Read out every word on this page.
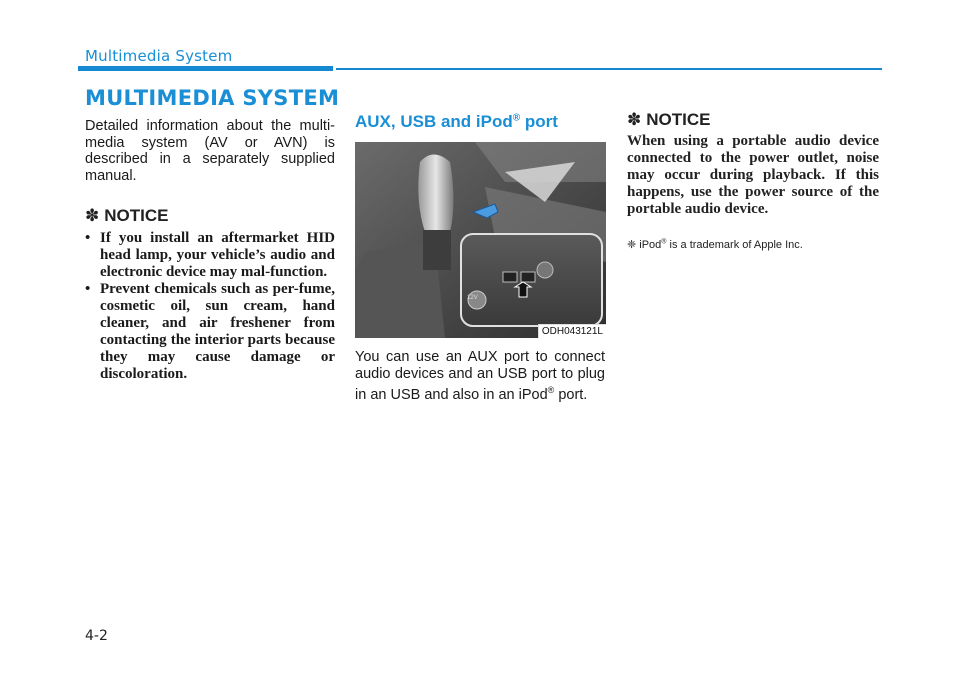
Multimedia System
MULTIMEDIA SYSTEM

Detailed information about the multi-media system (AV or AVN) is described in a separately supplied manual.

✽ NOTICE
• If you install an aftermarket HID head lamp, your vehicle’s audio and electronic device may mal-function.
• Prevent chemicals such as per-fume, cosmetic oil, sun cream, hand cleaner, and air freshener from contacting the interior parts because they may cause damage or discoloration.
AUX, USB and iPod® port
12V
ODH043121L

You can use an AUX port to connect audio devices and an USB port to plug in an USB and also in an iPod® port.

✽ NOTICE

When using a portable audio device connected to the power outlet, noise may occur during playback. If this happens, use the power source of the portable audio device.

❈ iPod® is a trademark of Apple Inc.

4-2
